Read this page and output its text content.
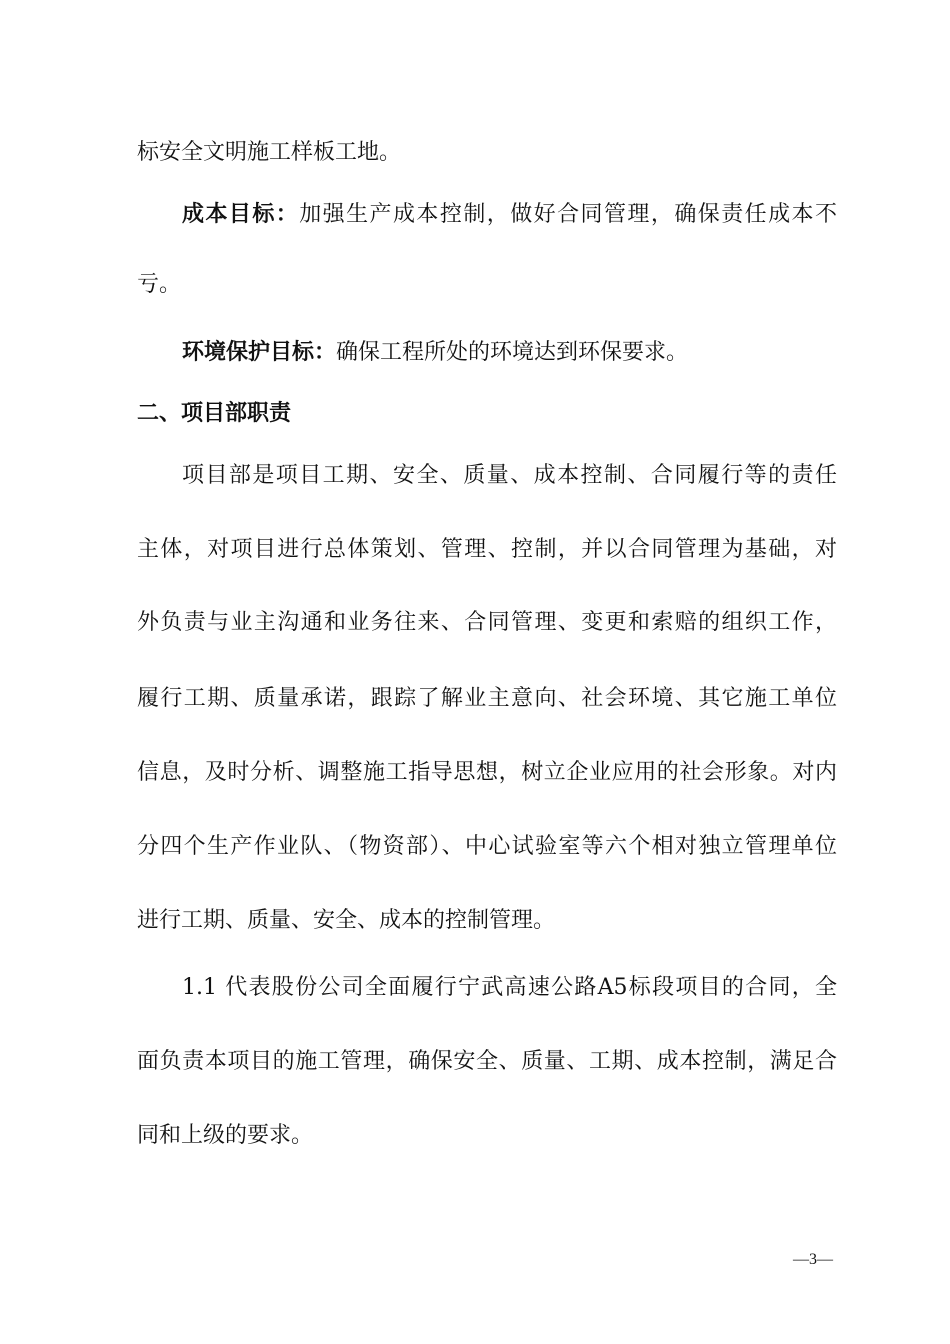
标安全文明施工样板工地。
成本目标：加强生产成本控制，做好合同管理，确保责任成本不
亏。
环境保护目标：确保工程所处的环境达到环保要求。
二、项目部职责
项目部是项目工期、安全、质量、成本控制、合同履行等的责任
主体，对项目进行总体策划、管理、控制，并以合同管理为基础，对
外负责与业主沟通和业务往来、合同管理、变更和索赔的组织工作，
履行工期、质量承诺，跟踪了解业主意向、社会环境、其它施工单位
信息，及时分析、调整施工指导思想，树立企业应用的社会形象。对内
分四个生产作业队、（物资部）、中心试验室等六个相对独立管理单位
进行工期、质量、安全、成本的控制管理。
1.1 代表股份公司全面履行宁武高速公路A5标段项目的合同，全
面负责本项目的施工管理，确保安全、质量、工期、成本控制，满足合
同和上级的要求。
—3—
